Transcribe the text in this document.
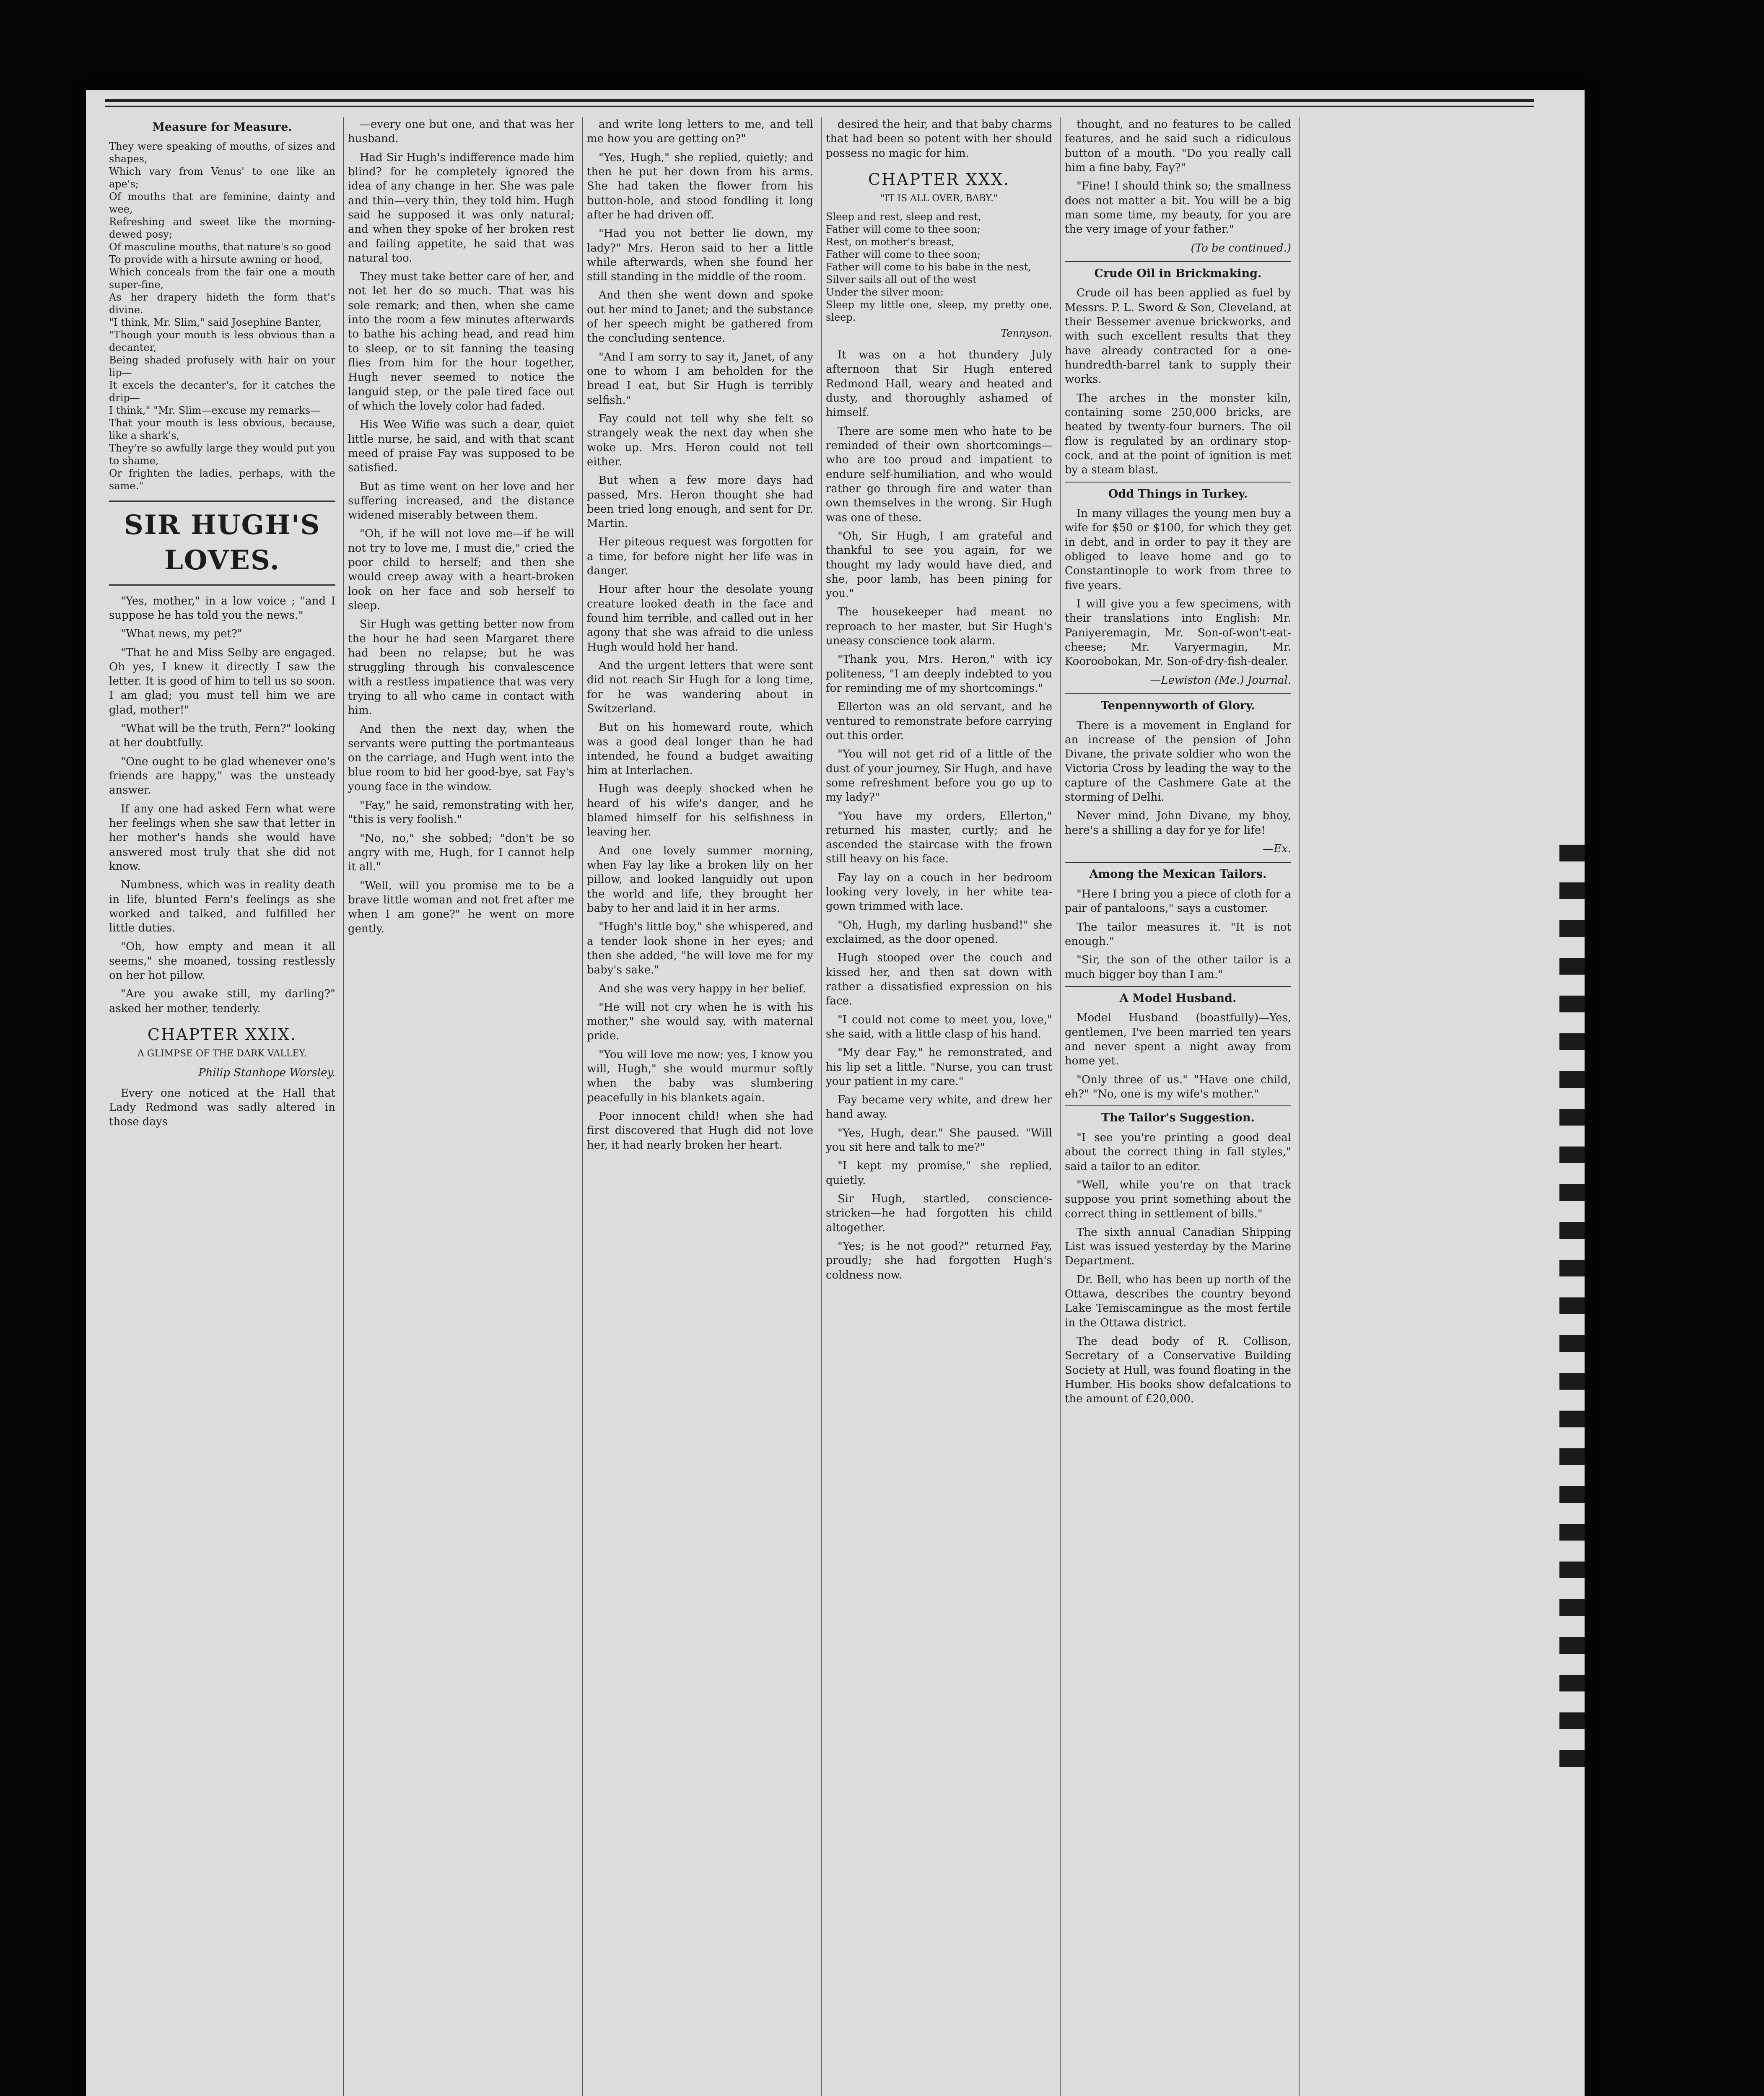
Measure for Measure.
They were speaking of mouths, of sizes and shapes,
Which vary from Venus' to one like an ape's;
Of mouths that are feminine, dainty and wee,
Refreshing and sweet like the morning-dewed posy;
Of masculine mouths, that nature's so good
To provide with a hirsute awning or hood,
Which conceals from the fair one a mouth super-fine,
As her drapery hideth the form that's divine.
"I think, Mr. Slim," said Josephine Banter,
"Though your mouth is less obvious than a decanter,
Being shaded profusely with hair on your lip—
It excels the decanter's, for it catches the drip—
I think," "Mr. Slim—excuse my remarks—
That your mouth is less obvious, because, like a shark's,
They're so awfully large they would put you to shame,
Or frighten the ladies, perhaps, with the same."
SIR HUGH'S LOVES.

"Yes, mother," in a low voice ; "and I suppose he has told you the news."

"What news, my pet?"

"That he and Miss Selby are engaged. Oh yes, I knew it directly I saw the letter. It is good of him to tell us so soon. I am glad; you must tell him we are glad, mother!"

"What will be the truth, Fern?" looking at her doubtfully.

"One ought to be glad whenever one's friends are happy," was the unsteady answer.

If any one had asked Fern what were her feelings when she saw that letter in her mother's hands she would have answered most truly that she did not know.

Numbness, which was in reality death in life, blunted Fern's feelings as she worked and talked, and fulfilled her little duties.

"Oh, how empty and mean it all seems," she moaned, tossing restlessly on her hot pillow.

"Are you awake still, my darling?" asked her mother, tenderly.

CHAPTER XXIX.
A GLIMPSE OF THE DARK VALLEY.
Philip Stanhope Worsley.

Every one noticed at the Hall that Lady Redmond was sadly altered in those days

—every one but one, and that was her husband.

Had Sir Hugh's indifference made him blind? for he completely ignored the idea of any change in her. She was pale and thin—very thin, they told him. Hugh said he supposed it was only natural; and when they spoke of her broken rest and failing appetite, he said that was natural too.

They must take better care of her, and not let her do so much. That was his sole remark; and then, when she came into the room a few minutes afterwards to bathe his aching head, and read him to sleep, or to sit fanning the teasing flies from him for the hour together, Hugh never seemed to notice the languid step, or the pale tired face out of which the lovely color had faded.

His Wee Wifie was such a dear, quiet little nurse, he said, and with that scant meed of praise Fay was supposed to be satisfied.

But as time went on her love and her suffering increased, and the distance widened miserably between them.

"Oh, if he will not love me—if he will not try to love me, I must die," cried the poor child to herself; and then she would creep away with a heart-broken look on her face and sob herself to sleep.

Sir Hugh was getting better now from the hour he had seen Margaret there had been no relapse; but he was struggling through his convalescence with a restless impatience that was very trying to all who came in contact with him.

And then the next day, when the servants were putting the portmanteaus on the carriage, and Hugh went into the blue room to bid her good-bye, sat Fay's young face in the window.

"Fay," he said, remonstrating with her, "this is very foolish."

"No, no," she sobbed; "don't be so angry with me, Hugh, for I cannot help it all."

"Well, will you promise me to be a brave little woman and not fret after me when I am gone?" he went on more gently.

and write long letters to me, and tell me how you are getting on?"

"Yes, Hugh," she replied, quietly; and then he put her down from his arms. She had taken the flower from his button-hole, and stood fondling it long after he had driven off.

"Had you not better lie down, my lady?" Mrs. Heron said to her a little while afterwards, when she found her still standing in the middle of the room.

And then she went down and spoke out her mind to Janet; and the substance of her speech might be gathered from the concluding sentence.

"And I am sorry to say it, Janet, of any one to whom I am beholden for the bread I eat, but Sir Hugh is terribly selfish."

Fay could not tell why she felt so strangely weak the next day when she woke up. Mrs. Heron could not tell either.

But when a few more days had passed, Mrs. Heron thought she had been tried long enough, and sent for Dr. Martin.

Her piteous request was forgotten for a time, for before night her life was in danger.

Hour after hour the desolate young creature looked death in the face and found him terrible, and called out in her agony that she was afraid to die unless Hugh would hold her hand.

And the urgent letters that were sent did not reach Sir Hugh for a long time, for he was wandering about in Switzerland.

But on his homeward route, which was a good deal longer than he had intended, he found a budget awaiting him at Interlachen.

Hugh was deeply shocked when he heard of his wife's danger, and he blamed himself for his selfishness in leaving her.

And one lovely summer morning, when Fay lay like a broken lily on her pillow, and looked languidly out upon the world and life, they brought her baby to her and laid it in her arms.

"Hugh's little boy," she whispered, and a tender look shone in her eyes; and then she added, "he will love me for my baby's sake."

And she was very happy in her belief.

"He will not cry when he is with his mother," she would say, with maternal pride.

"You will love me now; yes, I know you will, Hugh," she would murmur softly when the baby was slumbering peacefully in his blankets again.

Poor innocent child! when she had first discovered that Hugh did not love her, it had nearly broken her heart.

desired the heir, and that baby charms that had been so potent with her should possess no magic for him.

CHAPTER XXX.
"IT IS ALL OVER, BABY."
Sleep and rest, sleep and rest,
Father will come to thee soon;
Rest, on mother's breast,
Father will come to thee soon;
Father will come to his babe in the nest,
Silver sails all out of the west
Under the silver moon:
Sleep my little one, sleep, my pretty one, sleep.
Tennyson.

It was on a hot thundery July afternoon that Sir Hugh entered Redmond Hall, weary and heated and dusty, and thoroughly ashamed of himself.

There are some men who hate to be reminded of their own shortcomings—who are too proud and impatient to endure self-humiliation, and who would rather go through fire and water than own themselves in the wrong. Sir Hugh was one of these.

"Oh, Sir Hugh, I am grateful and thankful to see you again, for we thought my lady would have died, and she, poor lamb, has been pining for you."

The housekeeper had meant no reproach to her master, but Sir Hugh's uneasy conscience took alarm.

"Thank you, Mrs. Heron," with icy politeness, "I am deeply indebted to you for reminding me of my shortcomings."

Ellerton was an old servant, and he ventured to remonstrate before carrying out this order.

"You will not get rid of a little of the dust of your journey, Sir Hugh, and have some refreshment before you go up to my lady?"

"You have my orders, Ellerton," returned his master, curtly; and he ascended the staircase with the frown still heavy on his face.

Fay lay on a couch in her bedroom looking very lovely, in her white tea-gown trimmed with lace.

"Oh, Hugh, my darling husband!" she exclaimed, as the door opened.

Hugh stooped over the couch and kissed her, and then sat down with rather a dissatisfied expression on his face.

"I could not come to meet you, love," she said, with a little clasp of his hand.

"My dear Fay," he remonstrated, and his lip set a little. "Nurse, you can trust your patient in my care."

Fay became very white, and drew her hand away.

"Yes, Hugh, dear." She paused. "Will you sit here and talk to me?"

"I kept my promise," she replied, quietly.

Sir Hugh, startled, conscience-stricken—he had forgotten his child altogether.

"Yes; is he not good?" returned Fay, proudly; she had forgotten Hugh's coldness now.

thought, and no features to be called features, and he said such a ridiculous button of a mouth. "Do you really call him a fine baby, Fay?"

"Fine! I should think so; the smallness does not matter a bit. You will be a big man some time, my beauty, for you are the very image of your father."

(To be continued.)
Crude Oil in Brickmaking.

Crude oil has been applied as fuel by Messrs. P. L. Sword & Son, Cleveland, at their Bessemer avenue brickworks, and with such excellent results that they have already contracted for a one-hundredth-barrel tank to supply their works.

The arches in the monster kiln, containing some 250,000 bricks, are heated by twenty-four burners. The oil flow is regulated by an ordinary stop-cock, and at the point of ignition is met by a steam blast.

Odd Things in Turkey.

In many villages the young men buy a wife for $50 or $100, for which they get in debt, and in order to pay it they are obliged to leave home and go to Constantinople to work from three to five years.

I will give you a few specimens, with their translations into English: Mr. Paniyeremagin, Mr. Son-of-won't-eat-cheese; Mr. Varyermagin, Mr. Kooroobokan, Mr. Son-of-dry-fish-dealer.

—Lewiston (Me.) Journal.
Tenpennyworth of Glory.

There is a movement in England for an increase of the pension of John Divane, the private soldier who won the Victoria Cross by leading the way to the capture of the Cashmere Gate at the storming of Delhi.

Never mind, John Divane, my bhoy, here's a shilling a day for ye for life!

—Ex.
Among the Mexican Tailors.

"Here I bring you a piece of cloth for a pair of pantaloons," says a customer.

The tailor measures it. "It is not enough."

"Sir, the son of the other tailor is a much bigger boy than I am."

A Model Husband.

Model Husband (boastfully)—Yes, gentlemen, I've been married ten years and never spent a night away from home yet.

"Only three of us." "Have one child, eh?" "No, one is my wife's mother."

The Tailor's Suggestion.

"I see you're printing a good deal about the correct thing in fall styles," said a tailor to an editor.

"Well, while you're on that track suppose you print something about the correct thing in settlement of bills."

The sixth annual Canadian Shipping List was issued yesterday by the Marine Department.

Dr. Bell, who has been up north of the Ottawa, describes the country beyond Lake Temiscamingue as the most fertile in the Ottawa district.

The dead body of R. Collison, Secretary of a Conservative Building Society at Hull, was found floating in the Humber. His books show defalcations to the amount of £20,000.
